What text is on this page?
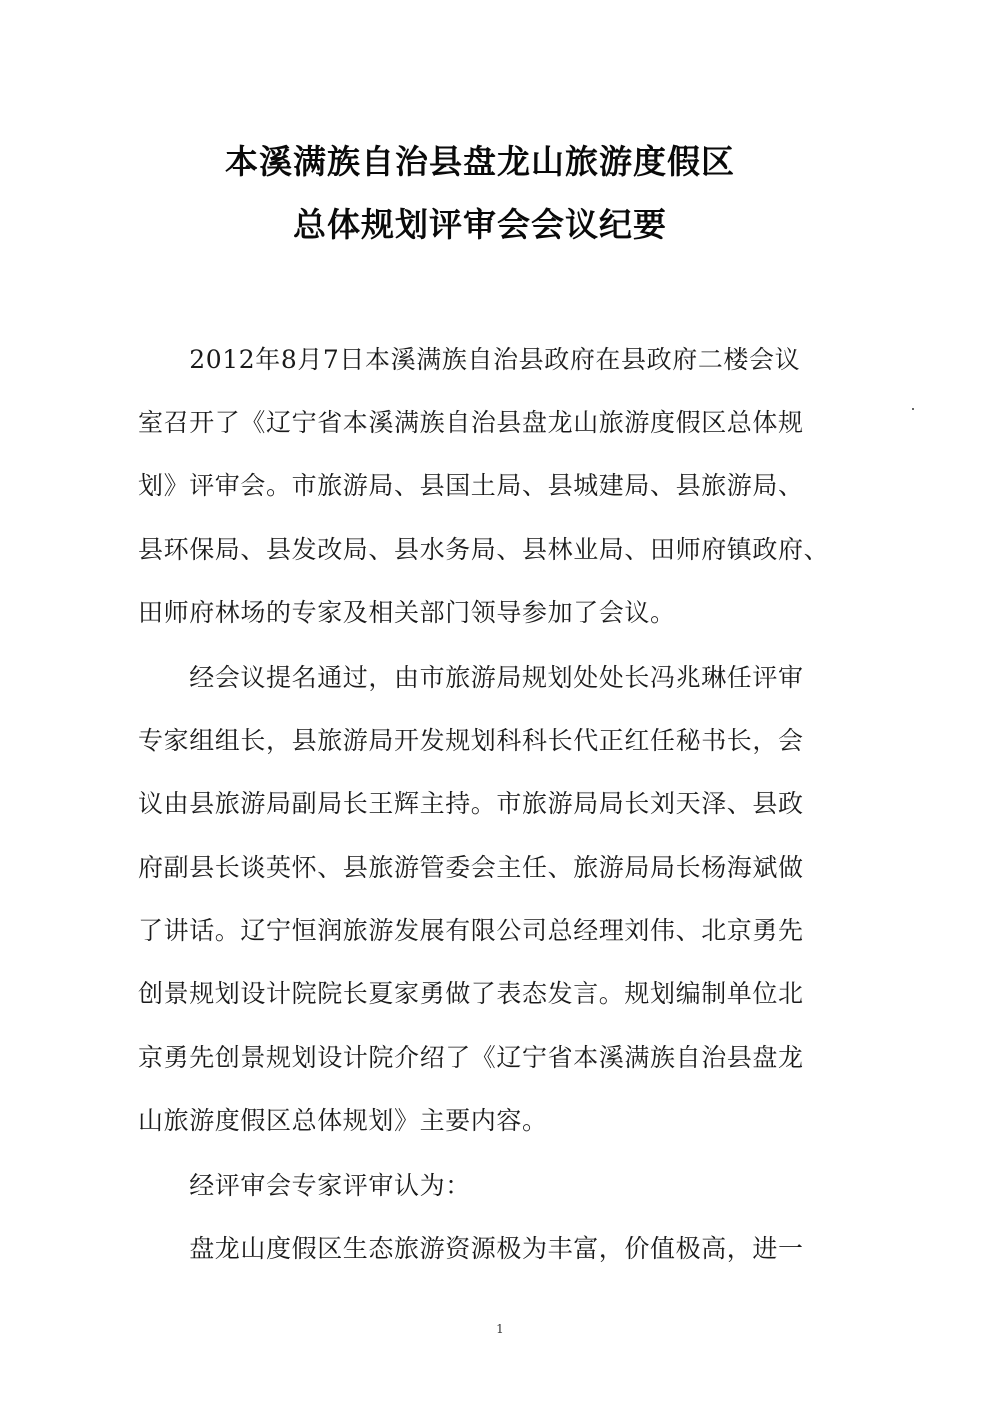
本溪满族自治县盘龙山旅游度假区
总体规划评审会会议纪要
　　2012年8月7日本溪满族自治县政府在县政府二楼会议
室召开了《辽宁省本溪满族自治县盘龙山旅游度假区总体规
划》评审会。市旅游局、县国土局、县城建局、县旅游局、
县环保局、县发改局、县水务局、县林业局、田师府镇政府、
田师府林场的专家及相关部门领导参加了会议。
　　经会议提名通过，由市旅游局规划处处长冯兆琳任评审
专家组组长，县旅游局开发规划科科长代正红任秘书长，会
议由县旅游局副局长王辉主持。市旅游局局长刘天泽、县政
府副县长谈英怀、县旅游管委会主任、旅游局局长杨海斌做
了讲话。辽宁恒润旅游发展有限公司总经理刘伟、北京勇先
创景规划设计院院长夏家勇做了表态发言。规划编制单位北
京勇先创景规划设计院介绍了《辽宁省本溪满族自治县盘龙
山旅游度假区总体规划》主要内容。
　　经评审会专家评审认为：
　　盘龙山度假区生态旅游资源极为丰富，价值极高，进一
1
